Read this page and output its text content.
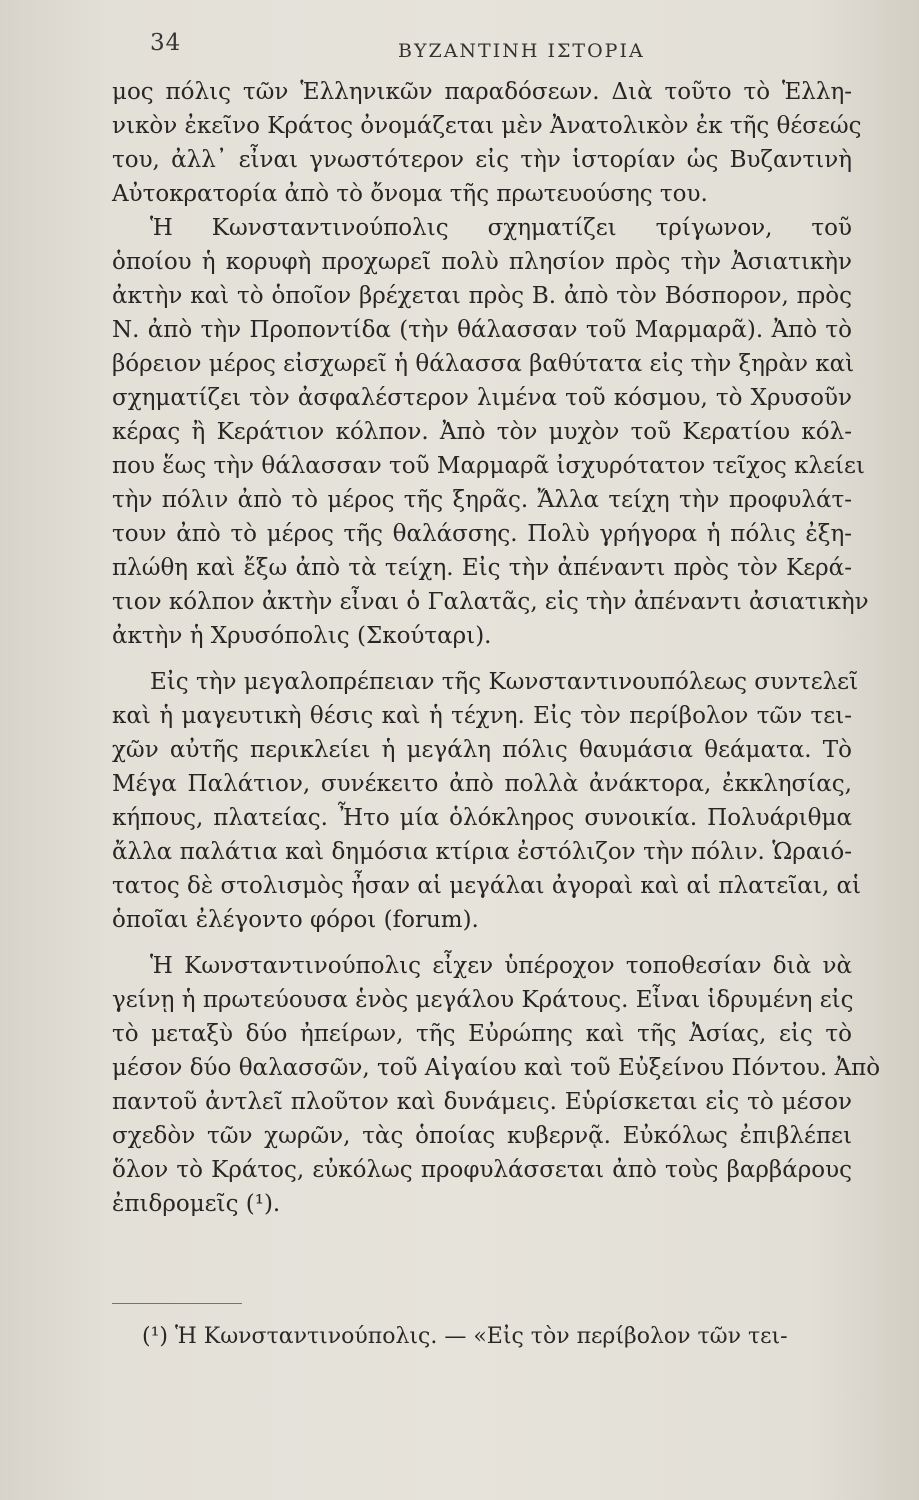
34	ΒΥΖΑΝΤΙΝΗ ΙΣΤΟΡΙΑ
μος πόλις τῶν Ἑλληνικῶν παραδόσεων. Διὰ τοῦτο τὸ Ἑλλη-
νικὸν ἐκεῖνο Κράτος ὀνομάζεται μὲν Ἀνατολικὸν ἐκ τῆς θέσεώς
του, ἀλλ᾽ εἶναι γνωστότερον εἰς τὴν ἱστορίαν ὡς Βυζαντινὴ
Αὐτοκρατορία ἀπὸ τὸ ὄνομα τῆς πρωτευούσης του.
Ἡ Κωνσταντινούπολις σχηματίζει τρίγωνον, τοῦ
ὁποίου ἡ κορυφὴ προχωρεῖ πολὺ πλησίον πρὸς τὴν Ἀσιατικὴν
ἀκτὴν καὶ τὸ ὁποῖον βρέχεται πρὸς Β. ἀπὸ τὸν Βόσπορον, πρὸς
Ν. ἀπὸ τὴν Προποντίδα (τὴν θάλασσαν τοῦ Μαρμαρᾶ). Ἀπὸ τὸ
βόρειον μέρος εἰσχωρεῖ ἡ θάλασσα βαθύτατα εἰς τὴν ξηρὰν καὶ
σχηματίζει τὸν ἀσφαλέστερον λιμένα τοῦ κόσμου, τὸ Χρυσοῦν
κέρας ἢ Κεράτιον κόλπον. Ἀπὸ τὸν μυχὸν τοῦ Κερατίου κόλ-
που ἕως τὴν θάλασσαν τοῦ Μαρμαρᾶ ἰσχυρότατον τεῖχος κλείει
τὴν πόλιν ἀπὸ τὸ μέρος τῆς ξηρᾶς. Ἄλλα τείχη τὴν προφυλάτ-
τουν ἀπὸ τὸ μέρος τῆς θαλάσσης. Πολὺ γρήγορα ἡ πόλις ἐξη-
πλώθη καὶ ἔξω ἀπὸ τὰ τείχη. Εἰς τὴν ἀπέναντι πρὸς τὸν Κερά-
τιον κόλπον ἀκτὴν εἶναι ὁ Γαλατᾶς, εἰς τὴν ἀπέναντι ἀσιατικὴν
ἀκτὴν ἡ Χρυσόπολις (Σκούταρι).
Εἰς τὴν μεγαλοπρέπειαν τῆς Κωνσταντινουπόλεως συντελεῖ
καὶ ἡ μαγευτικὴ θέσις καὶ ἡ τέχνη. Εἰς τὸν περίβολον τῶν τει-
χῶν αὐτῆς περικλείει ἡ μεγάλη πόλις θαυμάσια θεάματα. Τὸ
Μέγα Παλάτιον, συνέκειτο ἀπὸ πολλὰ ἀνάκτορα, ἐκκλησίας,
κήπους, πλατείας. Ἦτο μία ὁλόκληρος συνοικία. Πολυάριθμα
ἄλλα παλάτια καὶ δημόσια κτίρια ἐστόλιζον τὴν πόλιν. Ὡραιό-
τατος δὲ στολισμὸς ἦσαν αἱ μεγάλαι ἀγοραὶ καὶ αἱ πλατεῖαι, αἱ
ὁποῖαι ἐλέγοντο φόροι (forum).
Ἡ Κωνσταντινούπολις εἶχεν ὑπέροχον τοποθεσίαν διὰ νὰ
γείνῃ ἡ πρωτεύουσα ἑνὸς μεγάλου Κράτους. Εἶναι ἱδρυμένη εἰς
τὸ μεταξὺ δύο ἠπείρων, τῆς Εὐρώπης καὶ τῆς Ἀσίας, εἰς τὸ
μέσον δύο θαλασσῶν, τοῦ Αἰγαίου καὶ τοῦ Εὐξείνου Πόντου. Ἀπὸ
παντοῦ ἀντλεῖ πλοῦτον καὶ δυνάμεις. Εὑρίσκεται εἰς τὸ μέσον
σχεδὸν τῶν χωρῶν, τὰς ὁποίας κυβερνᾷ. Εὐκόλως ἐπιβλέπει
ὅλον τὸ Κράτος, εὐκόλως προφυλάσσεται ἀπὸ τοὺς βαρβάρους
ἐπιδρομεῖς (¹).
(¹) Ἡ Κωνσταντινούπολις. — «Εἰς τὸν περίβολον τῶν τει-
